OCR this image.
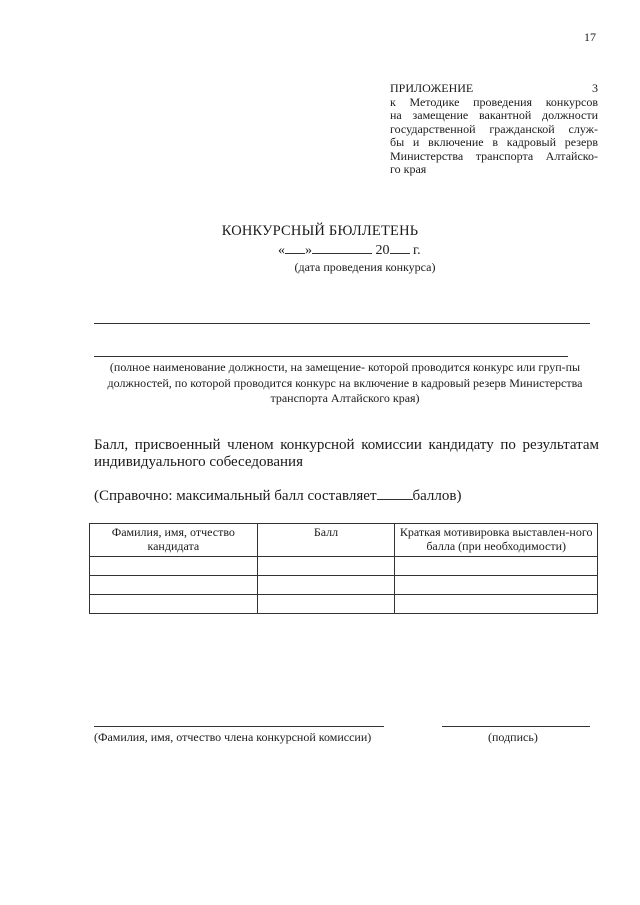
17
ПРИЛОЖЕНИЕ 3
к Методике проведения конкурсов
на замещение вакантной должности
государственной гражданской служ-
бы и включение в кадровый резерв
Министерства транспорта Алтайско-
го края
КОНКУРСНЫЙ БЮЛЛЕТЕНЬ
« »	20 г.
(дата проведения конкурса)
(полное наименование должности, на замещение- которой проводится конкурс или груп-пы должностей, по которой проводится конкурс на включение в кадровый резерв Министерства транспорта Алтайского края)
Балл, присвоенный членом конкурсной комиссии кандидату по результатам индивидуального собеседования
(Справочно: максимальный балл составляет баллов)
Фамилия, имя, отчество кандидата	Балл	Краткая мотивировка выставлен-ного балла (при необходимости)

(Фамилия, имя, отчество члена конкурсной комиссии)	(подпись)
